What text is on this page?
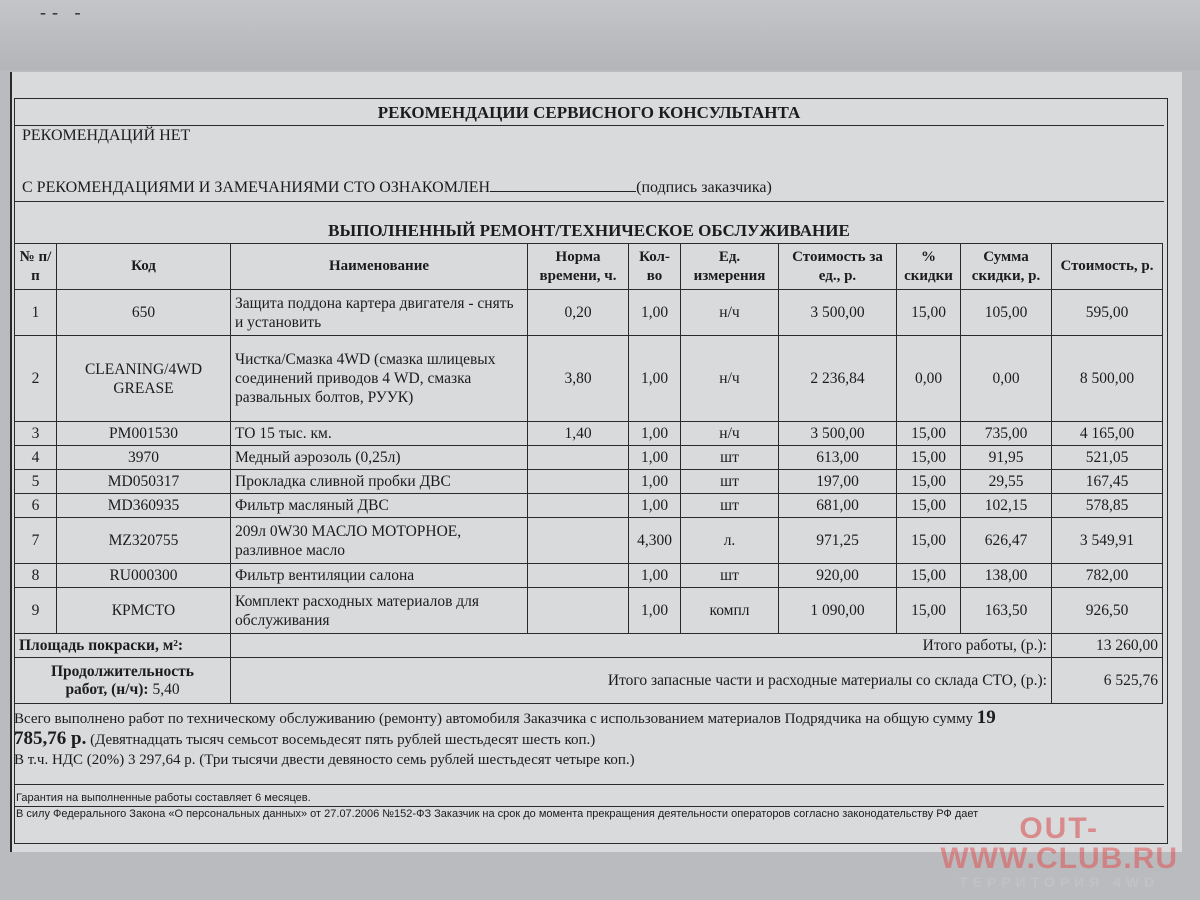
-- -
РЕКОМЕНДАЦИИ СЕРВИСНОГО КОНСУЛЬТАНТА
РЕКОМЕНДАЦИЙ НЕТ
С РЕКОМЕНДАЦИЯМИ И ЗАМЕЧАНИЯМИ СТО ОЗНАКОМЛЕН	(подпись заказчика)
ВЫПОЛНЕННЫЙ РЕМОНТ/ТЕХНИЧЕСКОЕ ОБСЛУЖИВАНИЕ
№ п/п	Код	Наименование	Норма времени, ч.	Кол-во	Ед. измерения	Стоимость за ед., р.	% скидки	Сумма скидки, р.	Стоимость, р.
1	650	Защита поддона картера двигателя - снять и установить	0,20	1,00	н/ч	3 500,00	15,00	105,00	595,00
2	CLEANING/4WD GREASE	Чистка/Смазка 4WD (смазка шлицевых соединений приводов 4 WD, смазка развальных болтов, РУУК)	3,80	1,00	н/ч	2 236,84	0,00	0,00	8 500,00
3	PM001530	ТО 15 тыс. км.	1,40	1,00	н/ч	3 500,00	15,00	735,00	4 165,00
4	3970	Медный аэрозоль (0,25л)		1,00	шт	613,00	15,00	91,95	521,05
5	MD050317	Прокладка сливной пробки ДВС		1,00	шт	197,00	15,00	29,55	167,45
6	MD360935	Фильтр масляный ДВС		1,00	шт	681,00	15,00	102,15	578,85
7	MZ320755	209л 0W30 МАСЛО МОТОРНОЕ, разливное масло		4,300	л.	971,25	15,00	626,47	3 549,91
8	RU000300	Фильтр вентиляции салона		1,00	шт	920,00	15,00	138,00	782,00
9	КРМСТО	Комплект расходных материалов для обслуживания		1,00	компл	1 090,00	15,00	163,50	926,50
Площадь покраски, м²:		Итого работы, (р.):							13 260,00

Продолжительность
работ, (н/ч): 5,40		Итого запасные части и расходные материалы со склада СТО, (р.):							6 525,76
Всего выполнено работ по техническому обслуживанию (ремонту) автомобиля Заказчика с использованием материалов Подрядчика на общую сумму 19
785,76 р. (Девятнадцать тысяч семьсот восемьдесят пять рублей шестьдесят шесть коп.)
В т.ч. НДС (20%) 3 297,64 р. (Три тысячи двести девяносто семь рублей шестьдесят четыре коп.)
Гарантия на выполненные работы составляет 6 месяцев.
В силу Федерального Закона «О персональных данных» от 27.07.2006 №152-ФЗ Заказчик на срок до момента прекращения деятельности операторов согласно законодательству РФ дает	OUT-
WWW.CLUB.RU
ТЕРРИТОРИЯ 4WD
